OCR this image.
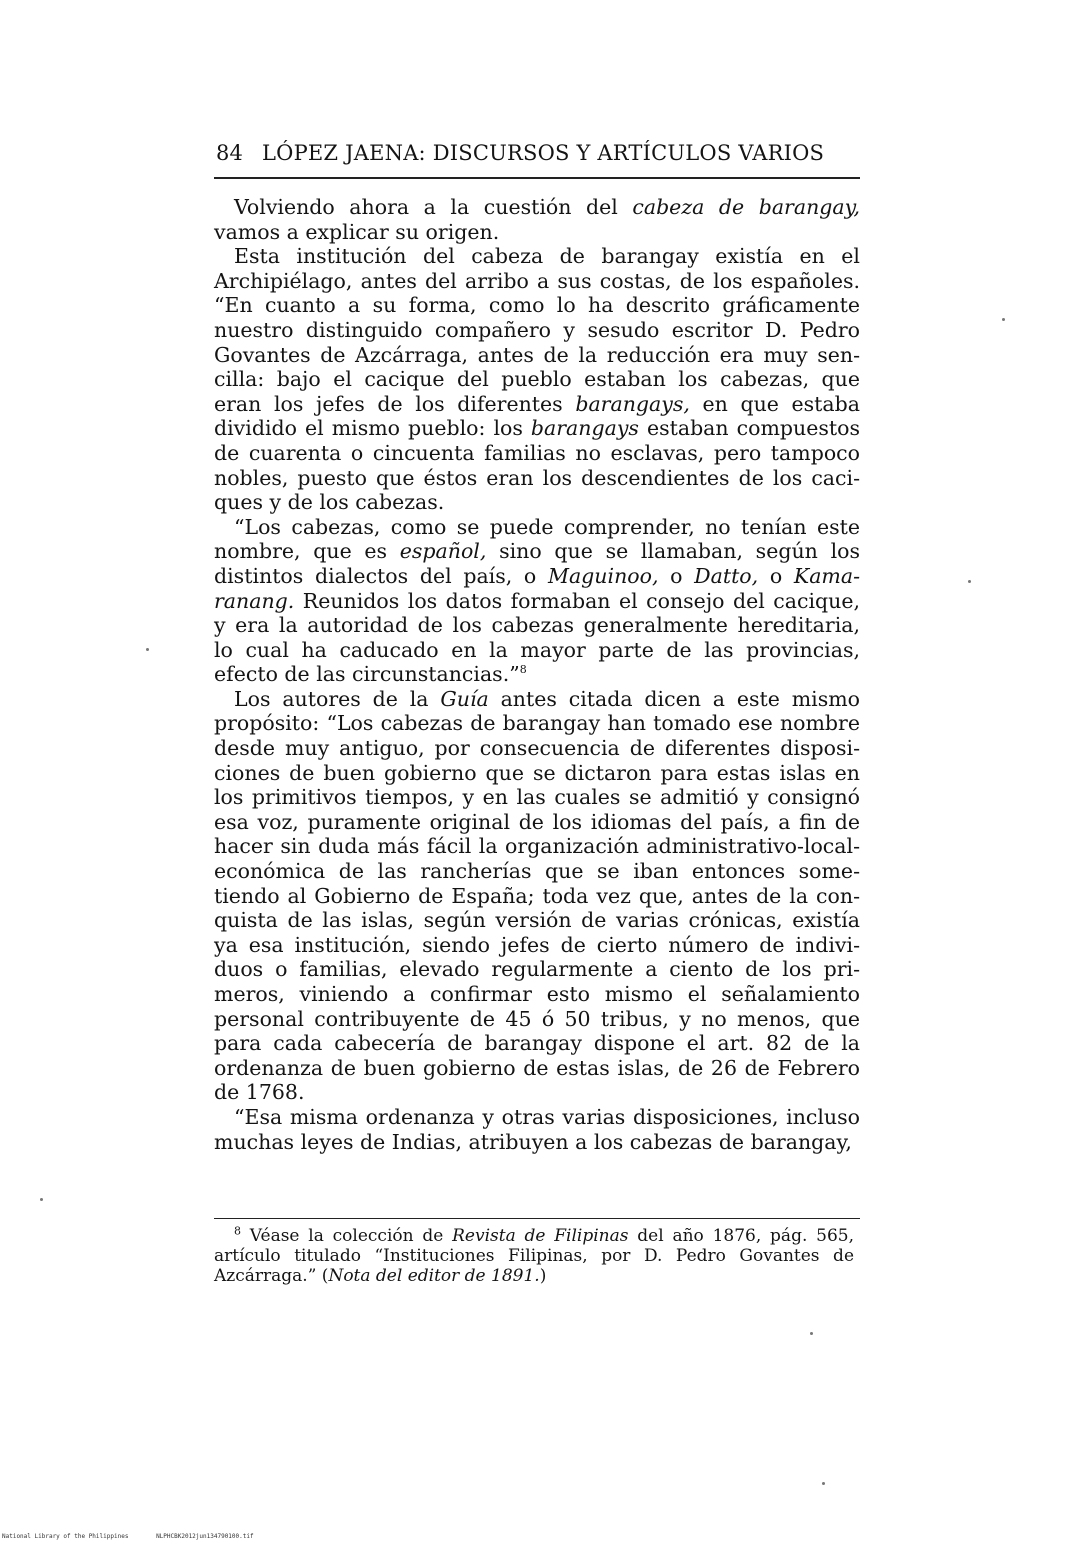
84 LÓPEZ JAENA: DISCURSOS Y ARTÍCULOS VARIOS

Volviendo ahora a la cuestión del cabeza de barangay, vamos a explicar su origen.

Esta institución del cabeza de barangay existía en el Archipiélago, antes del arribo a sus costas, de los españoles. “En cuanto a su forma, como lo ha descrito gráficamente nuestro distinguido compañero y sesudo escritor D. Pedro Govantes de Azcárraga, antes de la reducción era muy sencilla: bajo el cacique del pueblo estaban los cabezas, que eran los jefes de los diferentes barangays, en que estaba dividido el mismo pueblo: los barangays estaban compuestos de cuarenta o cincuenta familias no esclavas, pero tampoco nobles, puesto que éstos eran los descendientes de los caciques y de los cabezas.

“Los cabezas, como se puede comprender, no tenían este nombre, que es español, sino que se llamaban, según los distintos dialectos del país, o Maguinoo, o Datto, o Kamaranang. Reunidos los datos formaban el consejo del cacique, y era la autoridad de los cabezas generalmente hereditaria, lo cual ha caducado en la mayor parte de las provincias, efecto de las circunstancias.”$^8$

Los autores de la Guía antes citada dicen a este mismo propósito: “Los cabezas de barangay han tomado ese nombre desde muy antiguo, por consecuencia de diferentes disposiciones de buen gobierno que se dictaron para estas islas en los primitivos tiempos, y en las cuales se admitió y consignó esa voz, puramente original de los idiomas del país, a fin de hacer sin duda más fácil la organización administrativo-local-económica de las rancherías que se iban entonces sometiendo al Gobierno de España; toda vez que, antes de la conquista de las islas, según versión de varias crónicas, existía ya esa institución, siendo jefes de cierto número de individuos o familias, elevado regularmente a ciento de los primeros, viniendo a confirmar esto mismo el señalamiento personal contribuyente de 45 ó 50 tribus, y no menos, que para cada cabecería de barangay dispone el art. 82 de la ordenanza de buen gobierno de estas islas, de 26 de Febrero de 1768.

“Esa misma ordenanza y otras varias disposiciones, incluso muchas leyes de Indias, atribuyen a los cabezas de barangay,

$^8$ Véase la colección de Revista de Filipinas del año 1876, pág. 565, artículo titulado “Instituciones Filipinas, por D. Pedro Govantes de Azcárraga.” (Nota del editor de 1891.)

National Library of the Philippines	NLPHCBK2012jun134790100.tif
